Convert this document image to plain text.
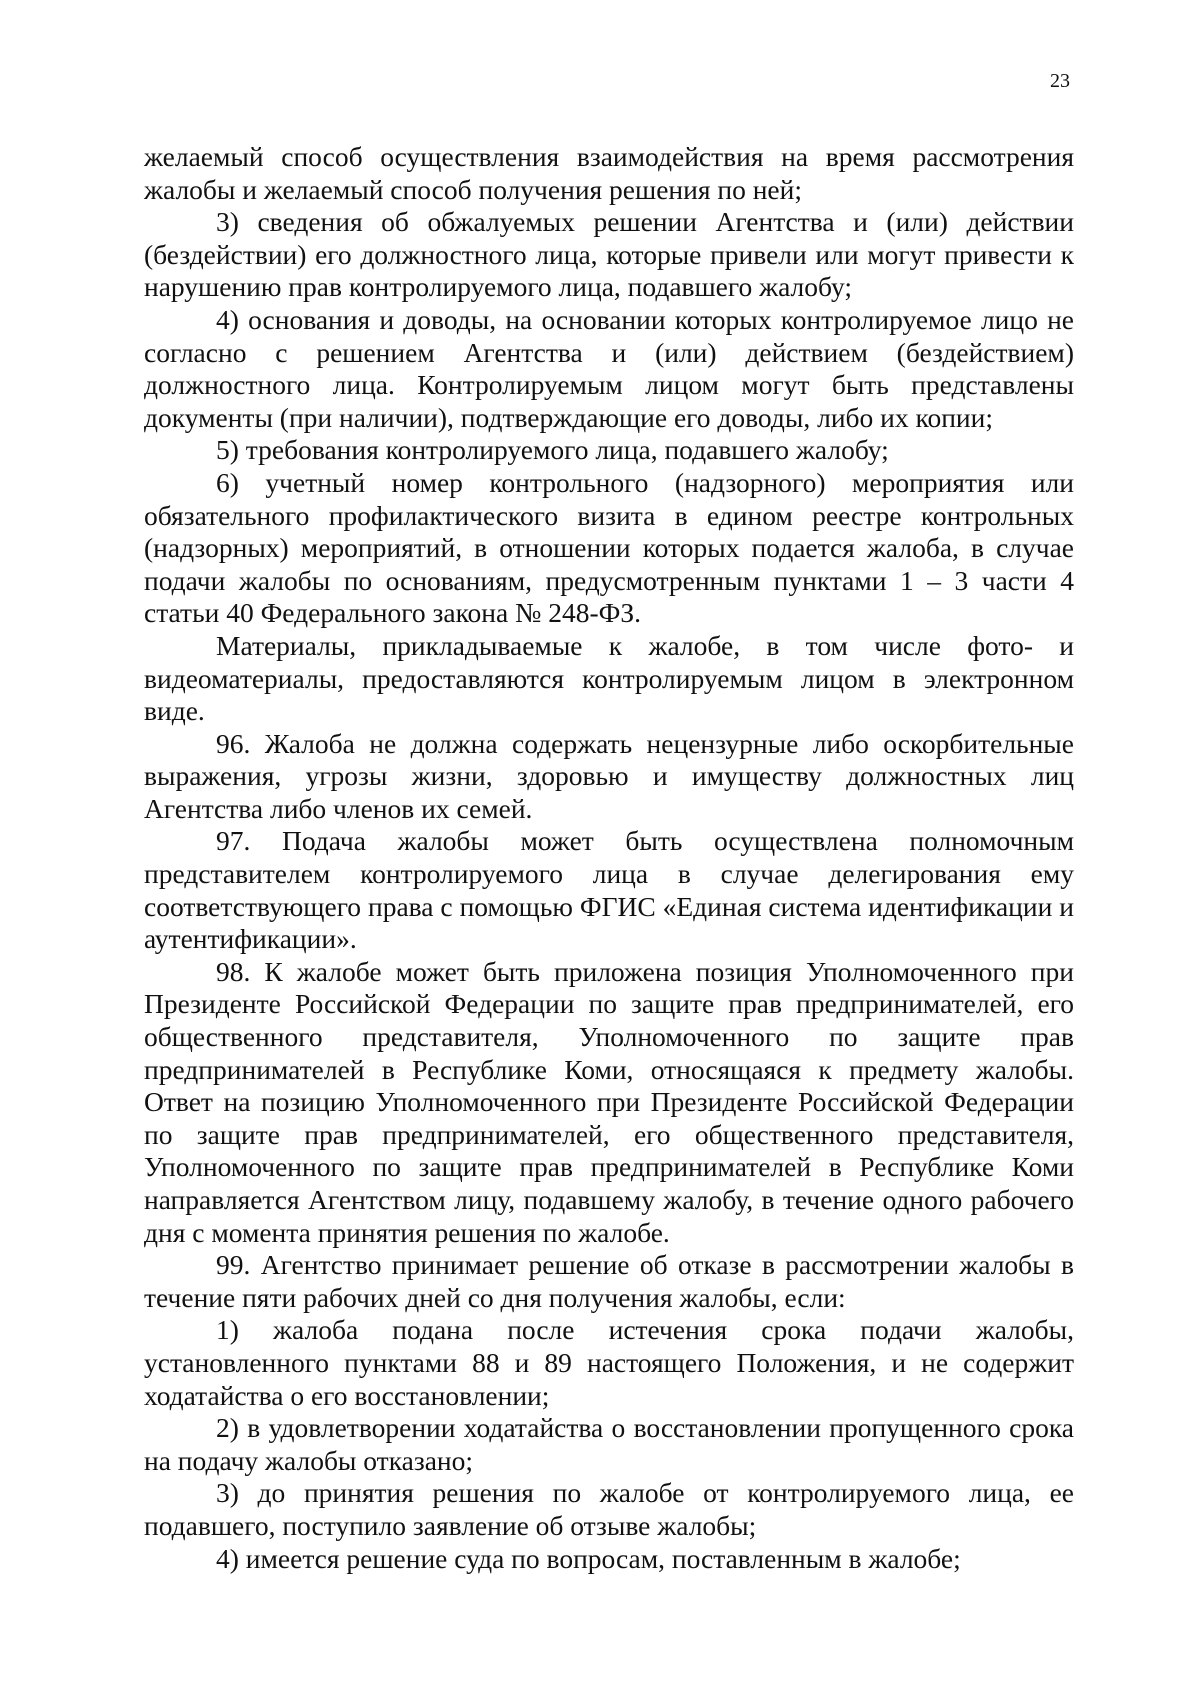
23

желаемый способ осуществления взаимодействия на время рассмотрения жалобы и желаемый способ получения решения по ней;

3) сведения об обжалуемых решении Агентства и (или) действии (бездействии) его должностного лица, которые привели или могут привести к нарушению прав контролируемого лица, подавшего жалобу;

4) основания и доводы, на основании которых контролируемое лицо не согласно с решением Агентства и (или) действием (бездействием) должностного лица. Контролируемым лицом могут быть представлены документы (при наличии), подтверждающие его доводы, либо их копии;

5) требования контролируемого лица, подавшего жалобу;

6) учетный номер контрольного (надзорного) мероприятия или обязательного профилактического визита в едином реестре контрольных (надзорных) мероприятий, в отношении которых подается жалоба, в случае подачи жалобы по основаниям, предусмотренным пунктами 1 – 3 части 4 статьи 40 Федерального закона № 248-ФЗ.

Материалы, прикладываемые к жалобе, в том числе фото- и видеоматериалы, предоставляются контролируемым лицом в электронном виде.

96. Жалоба не должна содержать нецензурные либо оскорбительные выражения, угрозы жизни, здоровью и имуществу должностных лиц Агентства либо членов их семей.

97. Подача жалобы может быть осуществлена полномочным представителем контролируемого лица в случае делегирования ему соответствующего права с помощью ФГИС «Единая система идентификации и аутентификации».

98. К жалобе может быть приложена позиция Уполномоченного при Президенте Российской Федерации по защите прав предпринимателей, его общественного представителя, Уполномоченного по защите прав предпринимателей в Республике Коми, относящаяся к предмету жалобы. Ответ на позицию Уполномоченного при Президенте Российской Федерации по защите прав предпринимателей, его общественного представителя, Уполномоченного по защите прав предпринимателей в Республике Коми направляется Агентством лицу, подавшему жалобу, в течение одного рабочего дня с момента принятия решения по жалобе.

99. Агентство принимает решение об отказе в рассмотрении жалобы в течение пяти рабочих дней со дня получения жалобы, если:

1) жалоба подана после истечения срока подачи жалобы, установленного пунктами 88 и 89 настоящего Положения, и не содержит ходатайства о его восстановлении;

2) в удовлетворении ходатайства о восстановлении пропущенного срока на подачу жалобы отказано;

3) до принятия решения по жалобе от контролируемого лица, ее подавшего, поступило заявление об отзыве жалобы;

4) имеется решение суда по вопросам, поставленным в жалобе;
